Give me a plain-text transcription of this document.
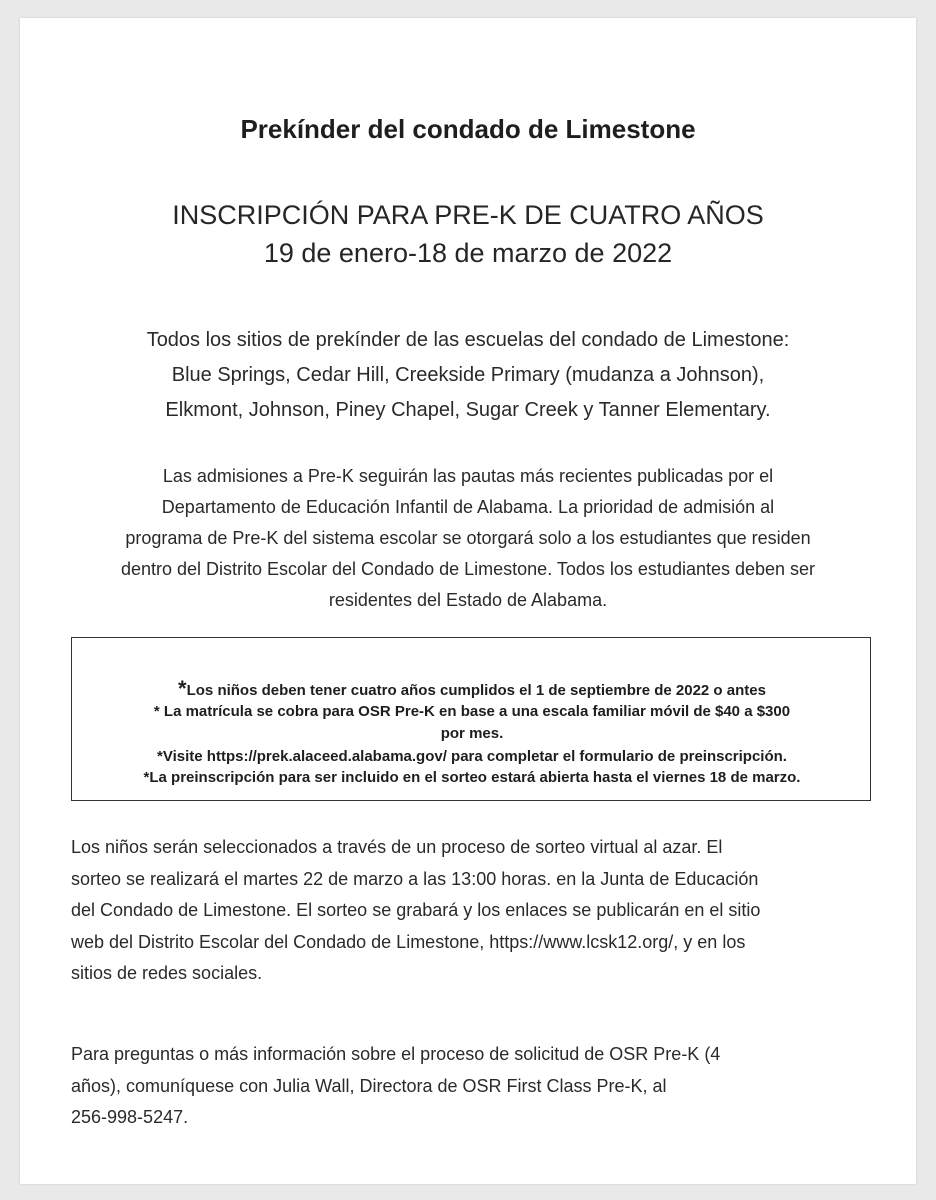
Prekínder del condado de Limestone
INSCRIPCIÓN PARA PRE-K DE CUATRO AÑOS
19 de enero-18 de marzo de 2022
Todos los sitios de prekínder de las escuelas del condado de Limestone:
Blue Springs, Cedar Hill, Creekside Primary (mudanza a Johnson),
Elkmont, Johnson, Piney Chapel, Sugar Creek y Tanner Elementary.
Las admisiones a Pre-K seguirán las pautas más recientes publicadas por el
Departamento de Educación Infantil de Alabama. La prioridad de admisión al
programa de Pre-K del sistema escolar se otorgará solo a los estudiantes que residen
dentro del Distrito Escolar del Condado de Limestone. Todos los estudiantes deben ser
residentes del Estado de Alabama.
*Los niños deben tener cuatro años cumplidos el 1 de septiembre de 2022 o antes
* La matrícula se cobra para OSR Pre-K en base a una escala familiar móvil de $40 a $300
por mes.
*Visite https://prek.alaceed.alabama.gov/ para completar el formulario de preinscripción.
*La preinscripción para ser incluido en el sorteo estará abierta hasta el viernes 18 de marzo.
Los niños serán seleccionados a través de un proceso de sorteo virtual al azar. El
sorteo se realizará el martes 22 de marzo a las 13:00 horas. en la Junta de Educación
del Condado de Limestone. El sorteo se grabará y los enlaces se publicarán en el sitio
web del Distrito Escolar del Condado de Limestone, https://www.lcsk12.org/, y en los
sitios de redes sociales.
Para preguntas o más información sobre el proceso de solicitud de OSR Pre-K (4
años), comuníquese con Julia Wall, Directora de OSR First Class Pre-K, al
256-998-5247.
